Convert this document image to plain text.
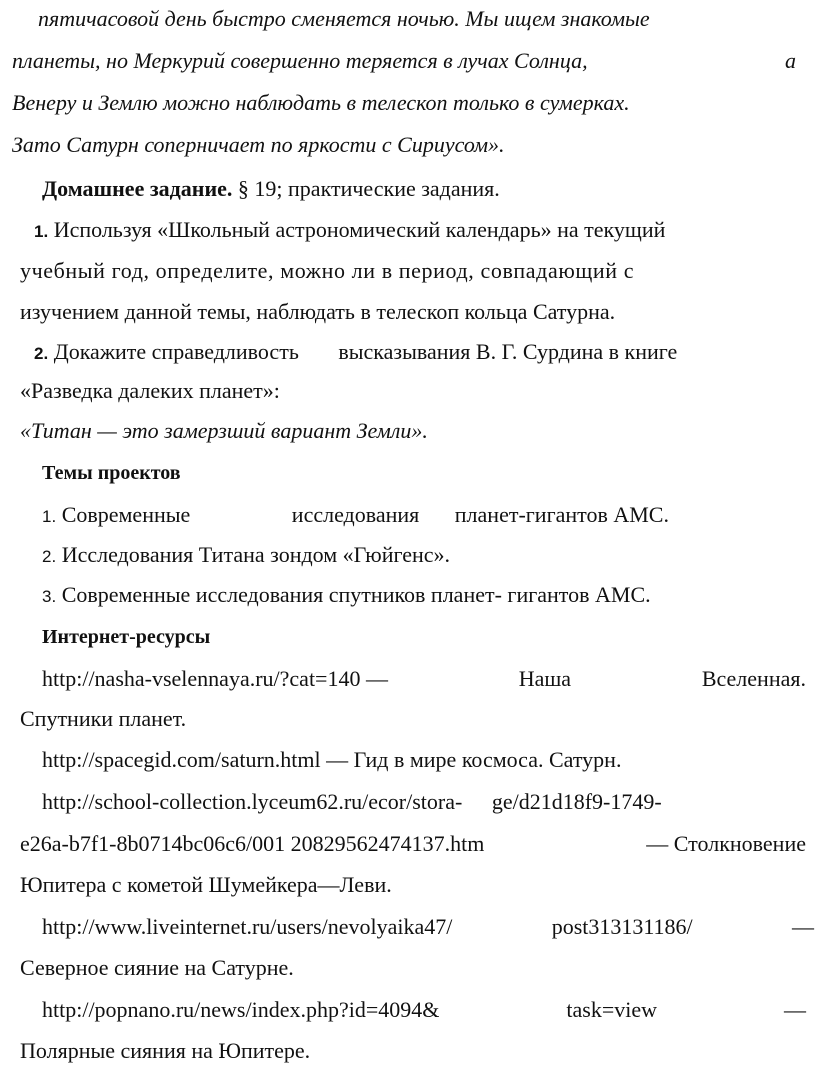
пятичасовой день быстро сменяется ночью. Мы ищем знакомые
планеты, но Меркурий совершенно теряется в лучах Солнца,	а
Венеру и Землю можно наблюдать в телескоп только в сумерках.
Зато Сатурн соперничает по яркости с Сириусом».
Домашнее задание. § 19; практические задания.
1. Используя «Школьный астрономический календарь» на текущий
учебный год, определите, можно ли в период, совпадающий с
изучением данной темы, наблюдать в телескоп кольца Сатурна.
2. Докажите справедливость высказывания В. Г. Сурдина в книге
«Разведка далеких планет»:
«Титан — это замерзший вариант Земли».
Темы проектов
1. Современные	исследования планет-гигантов АМС.
2. Исследования Титана зондом «Гюйгенс».
3. Современные исследования спутников планет- гигантов АМС.
Интернет-ресурсы
http://nasha-vselennaya.ru/?cat=140 —	Наша	Вселенная.
Спутники планет.
http://spacegid.com/saturn.html — Гид в мире космоса. Сатурн.
http://school-collection.lyceum62.ru/ecor/stora- ge/d21d18f9-1749-
e26a-b7f1-8b0714bc06c6/001 20829562474137.htm	— Столкновение
Юпитера с кометой Шумейкера—Леви.
http://www.liveinternet.ru/users/nevolyaika47/	post313131186/	—
Северное сияние на Сатурне.
http://popnano.ru/news/index.php?id=4094&	task=view	—
Полярные сияния на Юпитере.
